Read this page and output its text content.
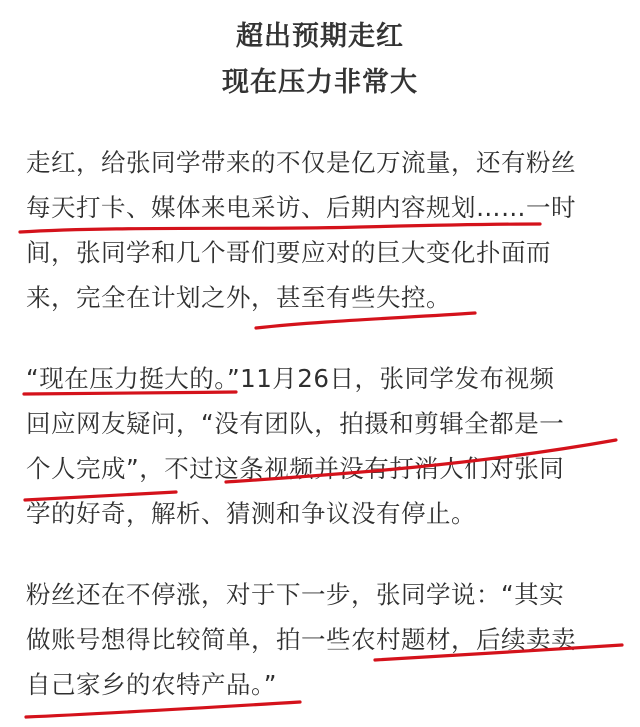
超出预期走红
现在压力非常大
走红，给张同学带来的不仅是亿万流量，还有粉丝
每天打卡、媒体来电采访、后期内容规划……一时
间，张同学和几个哥们要应对的巨大变化扑面而
来，完全在计划之外，甚至有些失控。
“现在压力挺大的。”11月26日，张同学发布视频
回应网友疑问，“没有团队，拍摄和剪辑全都是一
个人完成”，不过这条视频并没有打消人们对张同
学的好奇，解析、猜测和争议没有停止。
粉丝还在不停涨，对于下一步，张同学说：“其实
做账号想得比较简单，拍一些农村题材，后续卖卖
自己家乡的农特产品。”
